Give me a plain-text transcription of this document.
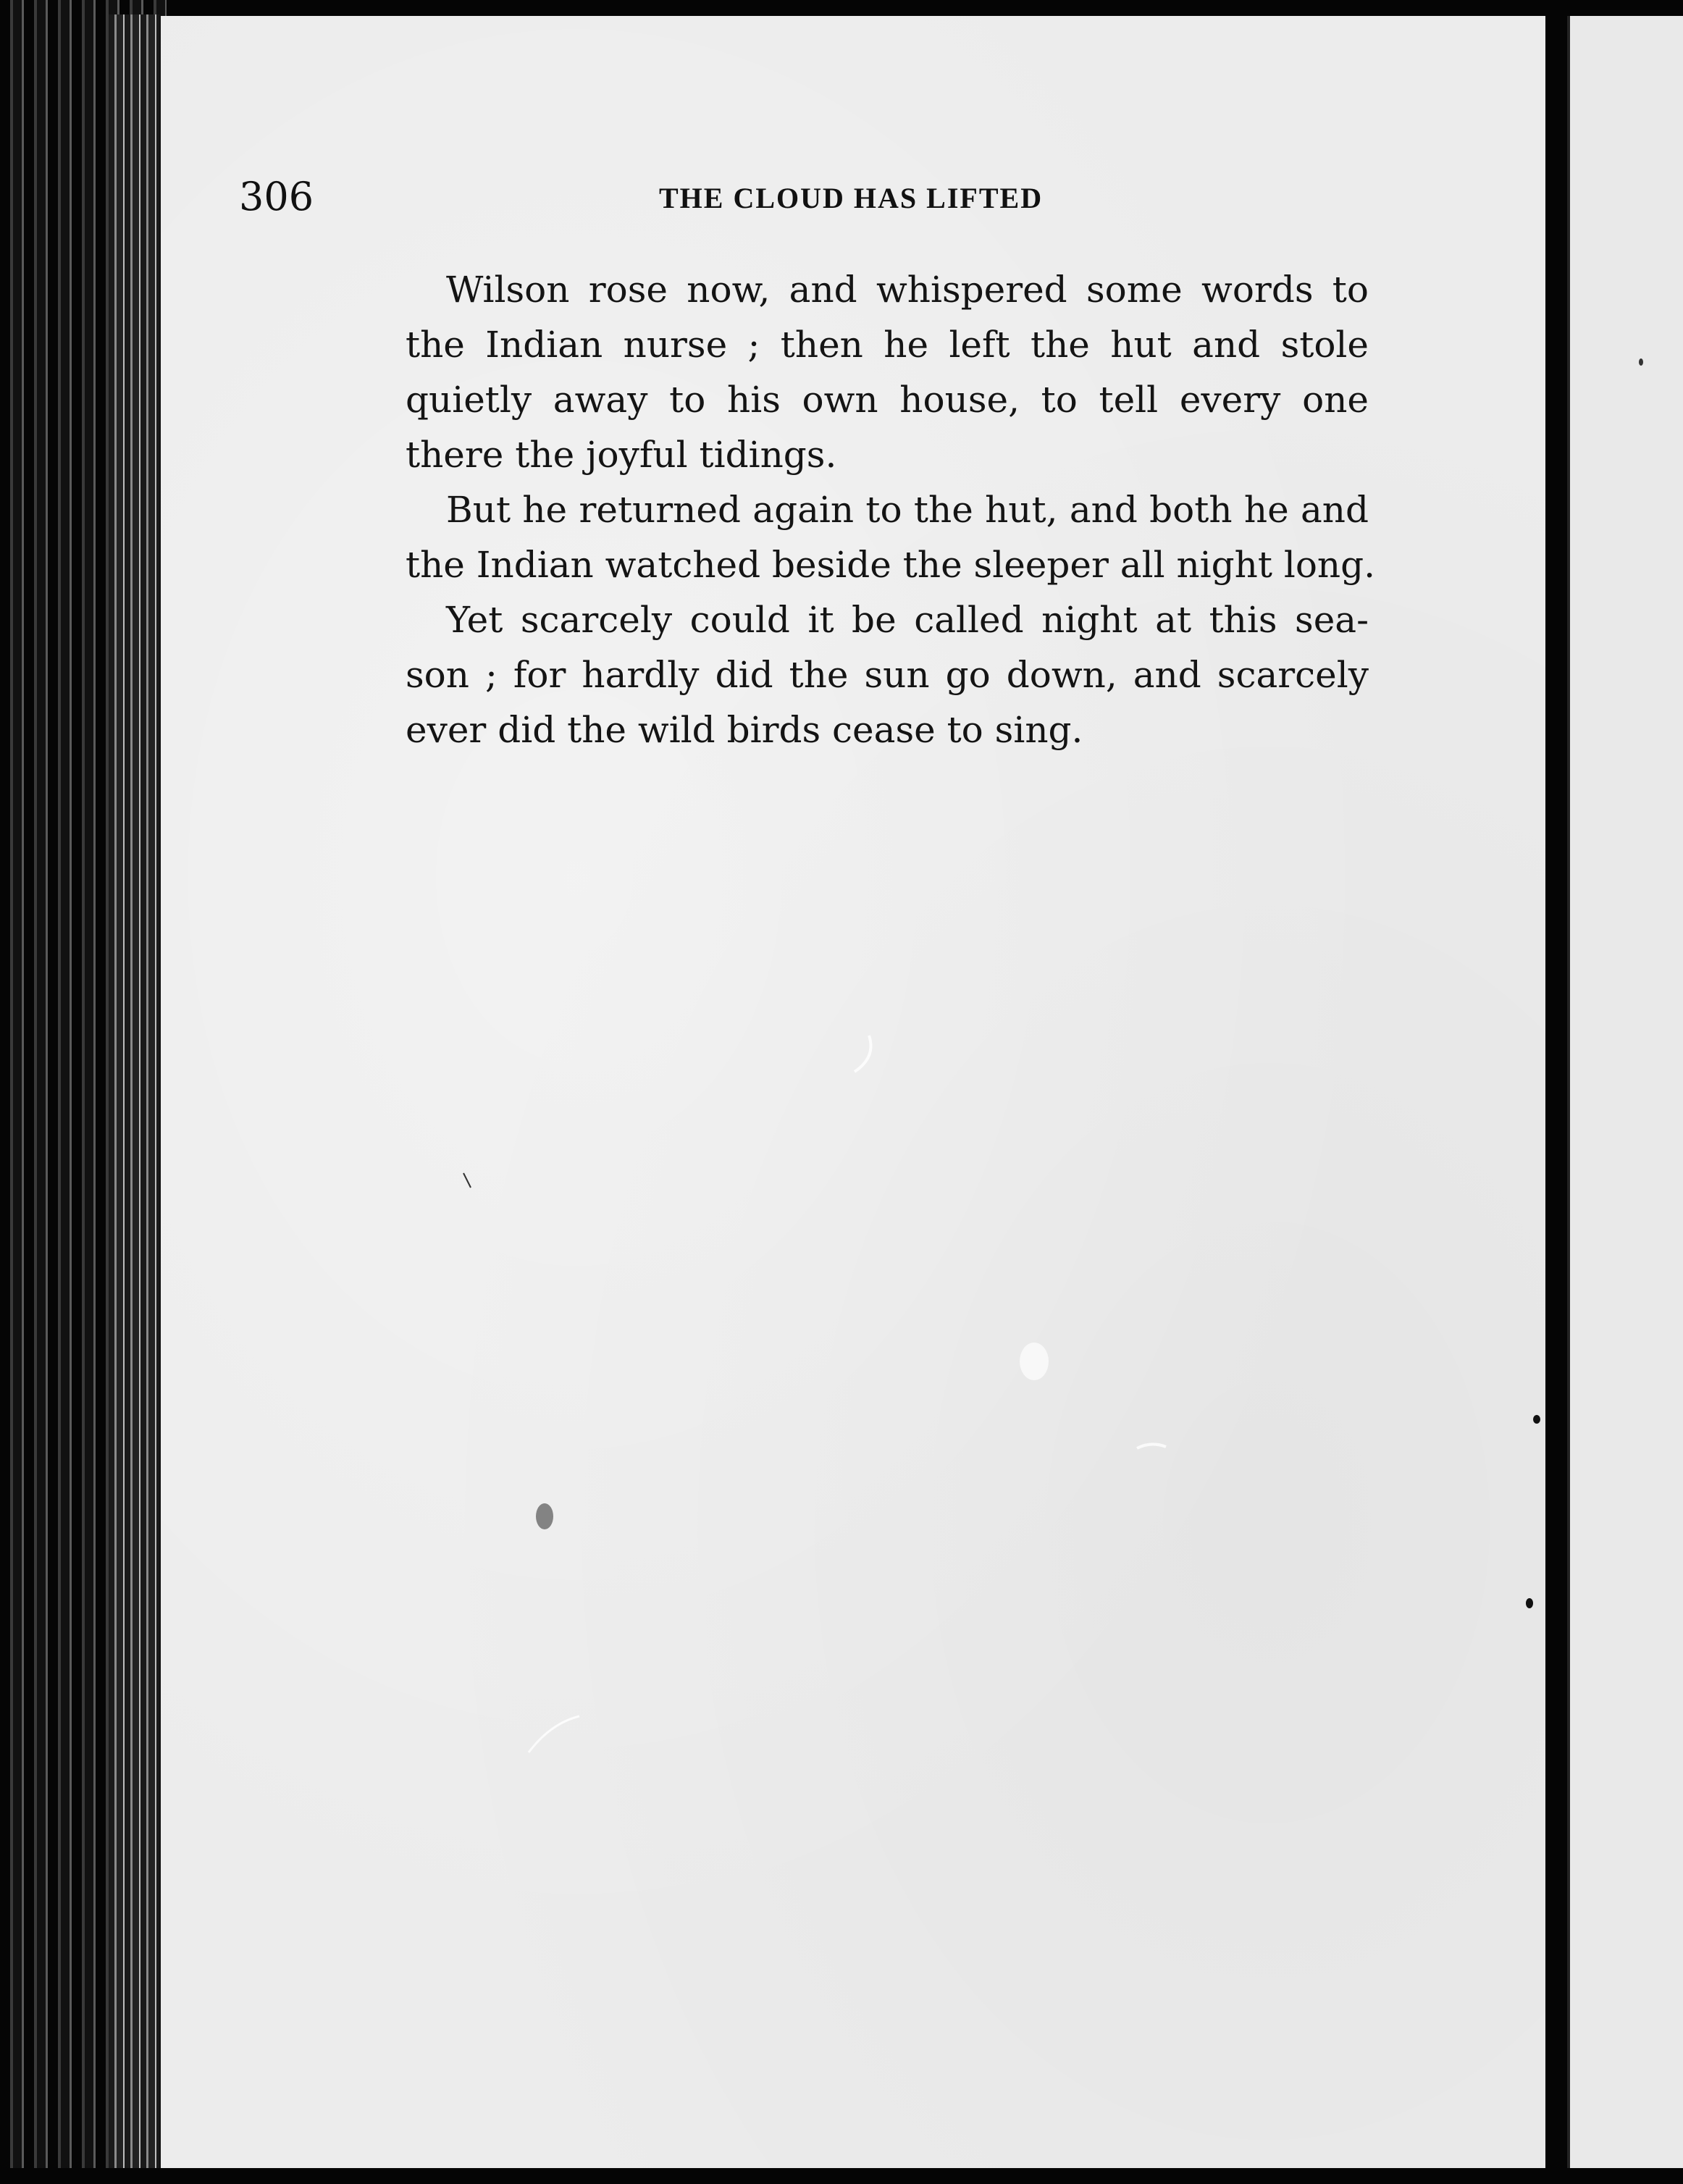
306	THE CLOUD HAS LIFTED
Wilson rose now, and whispered some words to
the Indian nurse ; then he left the hut and stole
quietly away to his own house, to tell every one
there the joyful tidings.
But he returned again to the hut, and both he and
the Indian watched beside the sleeper all night long.
Yet scarcely could it be called night at this sea-
son ; for hardly did the sun go down, and scarcely
ever did the wild birds cease to sing.
